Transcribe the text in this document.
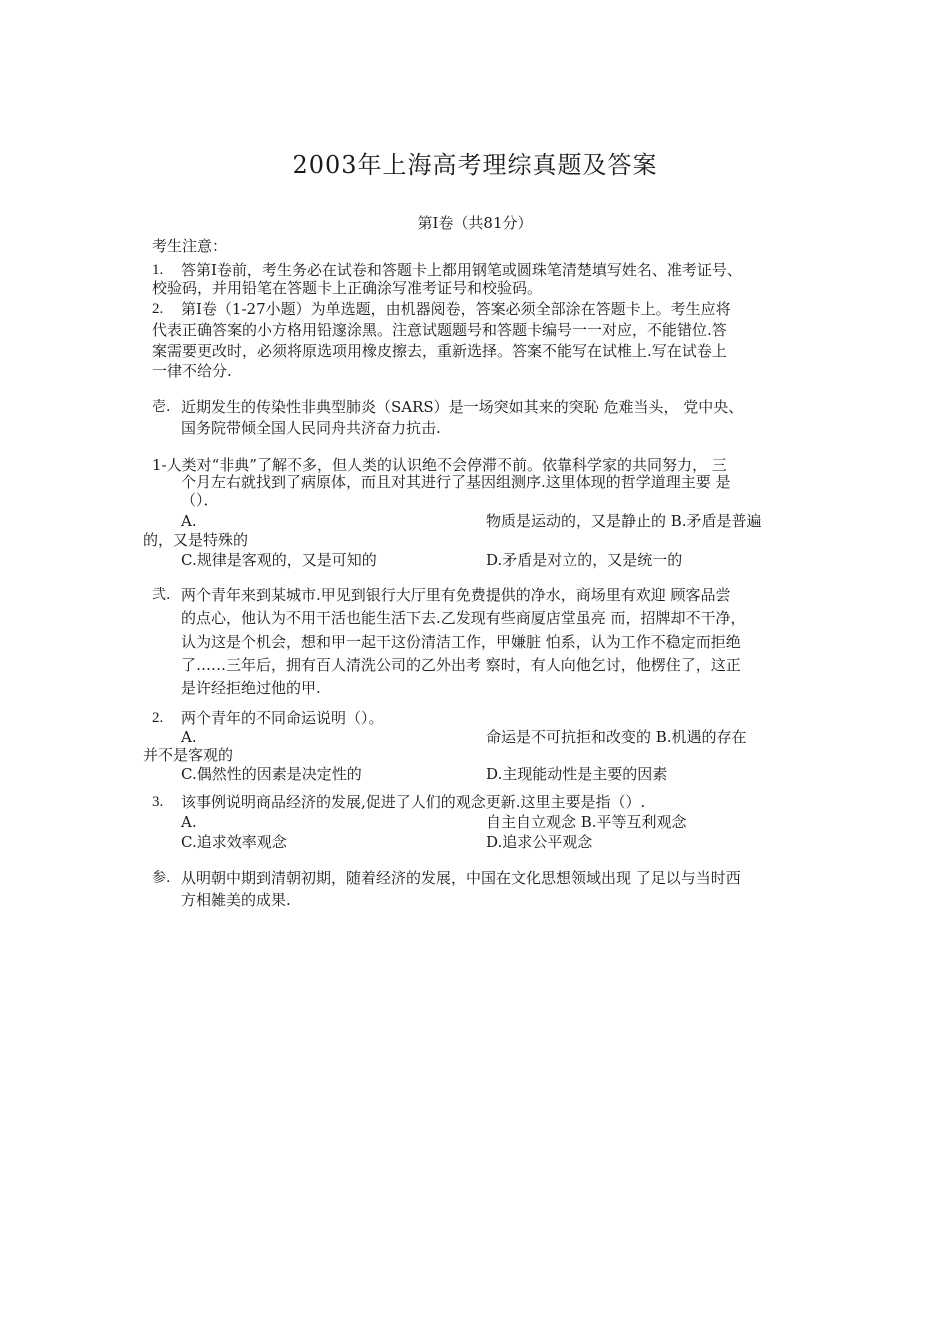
2003年上海高考理综真题及答案
第Ⅰ卷（共81分）
考生注意：
1. 答第Ⅰ卷前，考生务必在试卷和答题卡上都用钢笔或圆珠笔清楚填写姓名、准考证号、
校验码，并用铅笔在答题卡上正确涂写准考证号和校验码。
2. 第Ⅰ卷（1-27小题）为单选题，由机器阅卷，答案必须全部涂在答题卡上。考生应将
代表正确答案的小方格用铅邃涂黑。注意试题题号和答题卡编号一一对应，不能错位.答
案需要更改时，必须将原选项用橡皮擦去，重新选择。答案不能写在试椎上.写在试卷上
一律不给分.
壱. 近期发生的传染性非典型肺炎（SARS）是一场突如其来的突恥 危难当头， 党中央、
国务院带倾全国人民同舟共济奋力抗击.
1-人类对“非典”了解不多，但人类的认识绝不会停滞不前。依靠科学家的共同努力， 三
个月左右就找到了病原体，而且对其进行了基因组测序.这里体现的哲学道理主要 是
（）．
A.	物质是运动的，又是静止的 B.矛盾是普遍
的，又是特殊的
C.规律是客观的，又是可知的	D.矛盾是对立的，又是统一的
弐. 两个青年来到某城市.甲见到银行大厅里有免费提供的净水，商场里有欢迎 顾客品尝
的点心，他认为不用干活也能生活下去.乙发现有些商厦店堂虽亮 而，招牌却不干净，
认为这是个机会，想和甲一起干这份清洁工作，甲嫌脏 怕系，认为工作不稳定而拒绝
了……三年后，拥有百人清洗公司的乙外出考 察时，有人向他乞讨，他楞住了，这正
是许经拒绝过他的甲.
2. 两个青年的不同命运说明（）。
A.	命运是不可抗拒和改变的 B.机遇的存在
并不是客观的
C.偶然性的因素是决定性的	D.主现能动性是主要的因素
3. 该事例说明商品经济的发展,促进了人们的观念更新.这里主要是指（）.
A.	自主自立观念 B.平等互利观念
C.追求效率观念	D.追求公平观念
参. 从明朝中期到清朝初期，随着经济的发展，中国在文化思想领域出现 了足以与当时西
方相雑美的成果.
